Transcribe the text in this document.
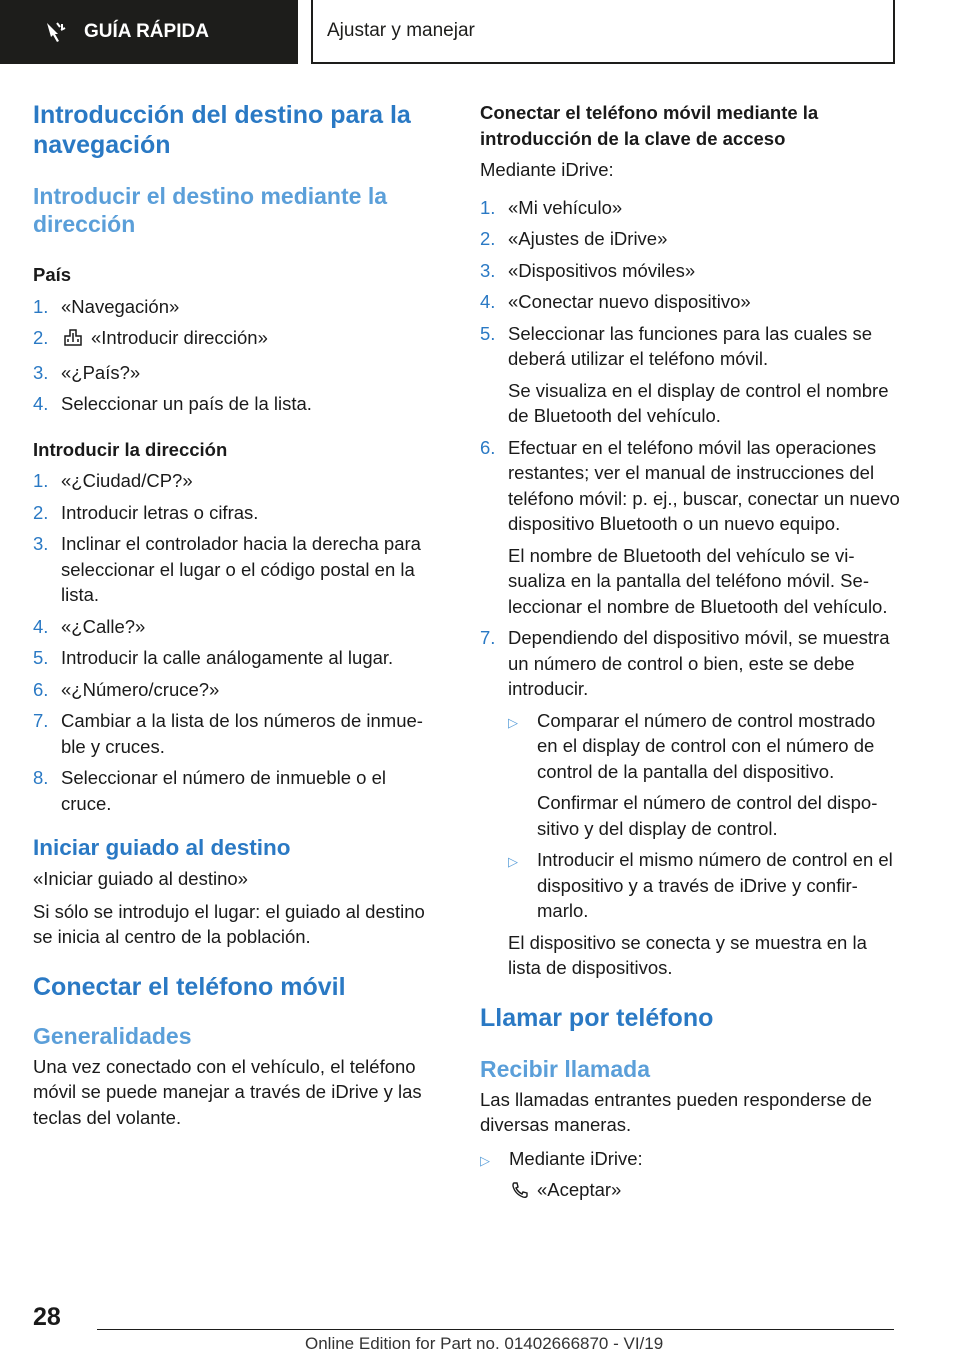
GUÍA RÁPIDA	Ajustar y manejar
Introducción del destino para la navegación
Introducir el destino mediante la dirección
País
1. «Navegación»
2.	«Introducir dirección»
3. «¿País?»
4. Seleccionar un país de la lista.
Introducir la dirección
1. «¿Ciudad/CP?»
2. Introducir letras o cifras.
3. Inclinar el controlador hacia la derecha para seleccionar el lugar o el código postal en la lista.
4. «¿Calle?»
5. Introducir la calle análogamente al lugar.
6. «¿Número/cruce?»
7. Cambiar a la lista de los números de inmueble y cruces.
8. Seleccionar el número de inmueble o el cruce.
Iniciar guiado al destino

«Iniciar guiado al destino»

Si sólo se introdujo el lugar: el guiado al destino se inicia al centro de la población.

Conectar el teléfono móvil
Generalidades

Una vez conectado con el vehículo, el teléfono móvil se puede manejar a través de iDrive y las teclas del volante.

Conectar el teléfono móvil mediante la introducción de la clave de acceso

Mediante iDrive:

1. «Mi vehículo»
2. «Ajustes de iDrive»
3. «Dispositivos móviles»
4. «Conectar nuevo dispositivo»
5. Seleccionar las funciones para las cuales se deberá utilizar el teléfono móvil.

Se visualiza en el display de control el nombre de Bluetooth del vehículo.

6. Efectuar en el teléfono móvil las operaciones restantes; ver el manual de instrucciones del teléfono móvil: p. ej., buscar, conectar un nuevo dispositivo Bluetooth o un nuevo equipo.

El nombre de Bluetooth del vehículo se visualiza en la pantalla del teléfono móvil. Seleccionar el nombre de Bluetooth del vehículo.

7. Dependiendo del dispositivo móvil, se muestra un número de control o bien, este se debe introducir.

▷	Comparar el número de control mostrado en el display de control con el número de control de la pantalla del dispositivo.

Confirmar el número de control del dispositivo y del display de control.

▷	Introducir el mismo número de control en el dispositivo y a través de iDrive y confirmarlo.

El dispositivo se conecta y se muestra en la lista de dispositivos.

Llamar por teléfono
Recibir llamada

Las llamadas entrantes pueden responderse de diversas maneras.

▷	Mediante iDrive:

«Aceptar»

28
Online Edition for Part no. 01402666870 - VI/19
